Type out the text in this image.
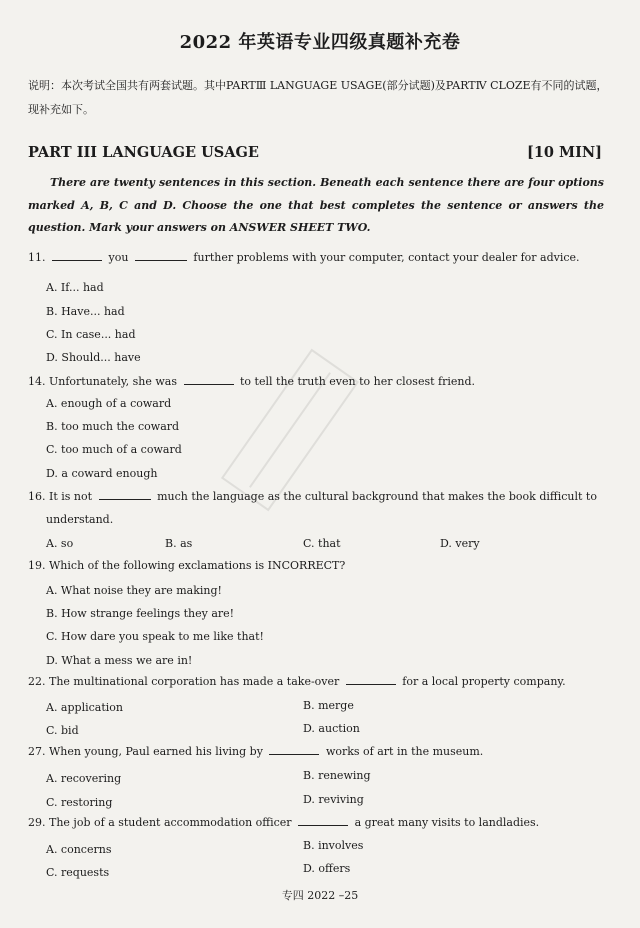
2022 年英语专业四级真题补充卷
说明：本次考试全国共有两套试题。其中PARTⅢ LANGUAGE USAGE(部分试题)及PARTⅣ CLOZE有不同的试题，现补充如下。
PART III LANGUAGE USAGE	[10 MIN]
There are twenty sentences in this section. Beneath each sentence there are four options marked A, B, C and D. Choose the one that best completes the sentence or answers the question. Mark your answers on ANSWER SHEET TWO.
11.	you	further problems with your computer, contact your dealer for advice.
A. If... had
B. Have... had
C. In case... had
D. Should... have
14. Unfortunately, she was	to tell the truth even to her closest friend.
A. enough of a coward
B. too much the coward
C. too much of a coward
D. a coward enough
16. It is not	much the language as the cultural background that makes the book difficult to
understand.
A. so	B. as	C. that	D. very
19. Which of the following exclamations is INCORRECT?
A. What noise they are making!
B. How strange feelings they are!
C. How dare you speak to me like that!
D. What a mess we are in!
22. The multinational corporation has made a take-over	for a local property company.
A. application	B. merge
C. bid	D. auction
27. When young, Paul earned his living by	works of art in the museum.
A. recovering	B. renewing
C. restoring	D. reviving
29. The job of a student accommodation officer	a great many visits to landladies.
A. concerns	B. involves
C. requests	D. offers
专四 2022 –25
